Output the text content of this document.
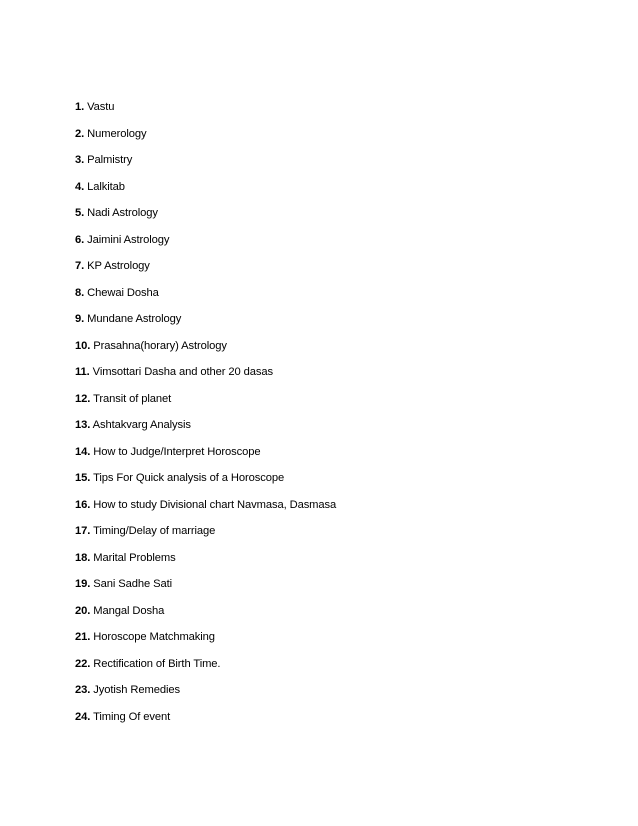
1. Vastu
2. Numerology
3. Palmistry
4. Lalkitab
5. Nadi Astrology
6. Jaimini Astrology
7. KP Astrology
8. Chewai Dosha
9. Mundane Astrology
10. Prasahna(horary) Astrology
11. Vimsottari Dasha and other 20 dasas
12. Transit of planet
13. Ashtakvarg Analysis
14. How to Judge/Interpret Horoscope
15. Tips For Quick analysis of a Horoscope
16. How to study Divisional chart Navmasa, Dasmasa
17. Timing/Delay of marriage
18. Marital Problems
19. Sani Sadhe Sati
20. Mangal Dosha
21. Horoscope Matchmaking
22. Rectification of Birth Time.
23. Jyotish Remedies
24. Timing Of event
